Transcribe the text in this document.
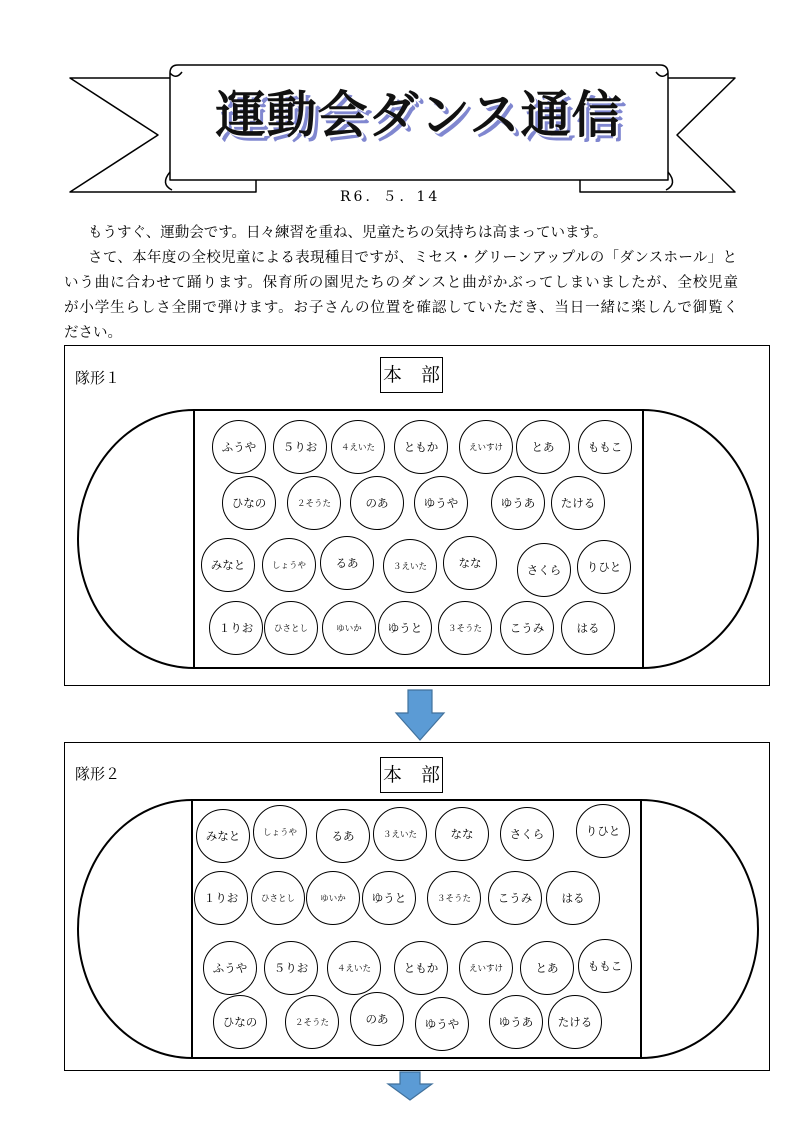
運動会ダンス通信
R6．５．14
もうすぐ、運動会です。日々練習を重ね、児童たちの気持ちは高まっています。
さて、本年度の全校児童による表現種目ですが、ミセス・グリーンアップルの「ダンスホール」と
いう曲に合わせて踊ります。保育所の園児たちのダンスと曲がかぶってしまいましたが、全校児童
が小学生らしさ全開で弾けます。お子さんの位置を確認していただき、当日一緒に楽しんで御覧く
ださい。
隊形１	本　部
ふうや	５りお	４えいた	ともか	えいすけ	とあ	ももこ
ひなの	２そうた	のあ	ゆうや	ゆうあ	たける
みなと	しょうや	るあ	３えいた	なな	さくら	りひと
１りお	ひさとし	ゆいか	ゆうと	３そうた	こうみ	はる
隊形２	本　部
みなと	しょうや	るあ	３えいた	なな	さくら	りひと
１りお	ひさとし	ゆいか	ゆうと	３そうた	こうみ	はる
ふうや	５りお	４えいた	ともか	えいすけ	とあ	ももこ
ひなの	２そうた	のあ	ゆうや	ゆうあ	たける
